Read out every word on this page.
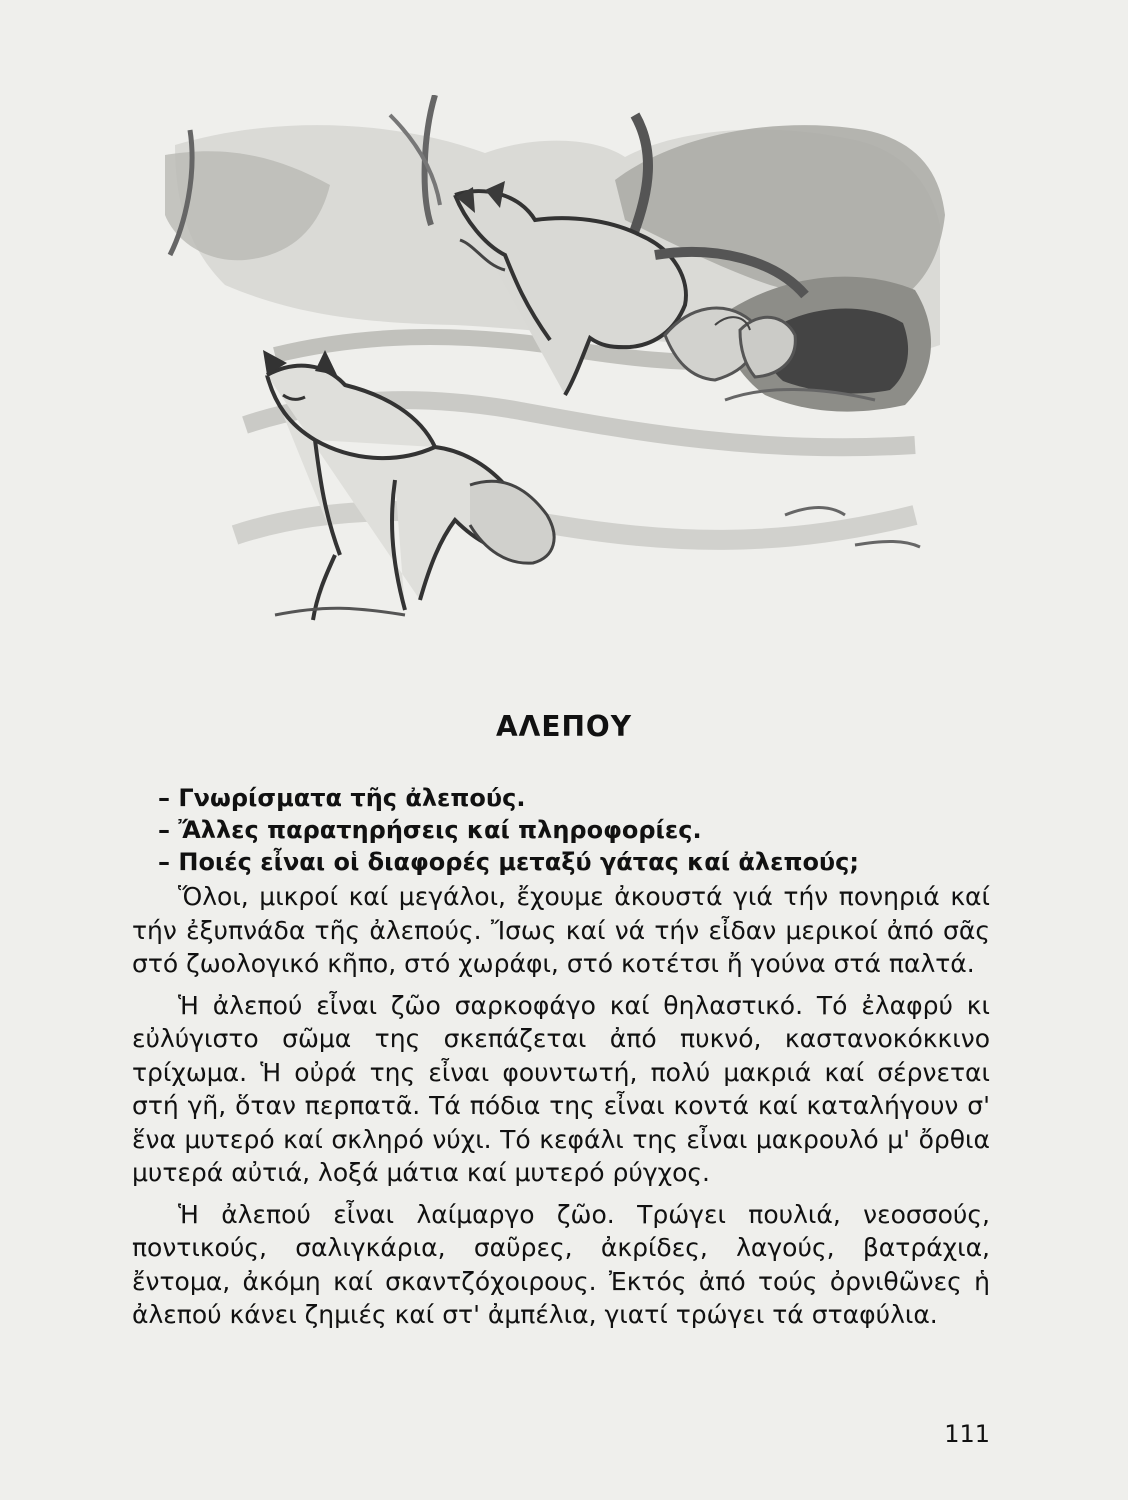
ΑΛΕΠΟΥ
– Γνωρίσματα τῆς ἀλεπούς.
– Ἄλλες παρατηρήσεις καί πληροφορίες.
– Ποιές εἶναι οἱ διαφορές μεταξύ γάτας καί ἀλεπούς;

Ὅλοι, μικροί καί μεγάλοι, ἔχουμε ἀκουστά γιά τήν πονηριά καί τήν ἐξυπνάδα τῆς ἀλεπούς. Ἴσως καί νά τήν εἶδαν μερικοί ἀπό σᾶς στό ζωολογικό κῆπο, στό χωράφι, στό κοτέτσι ἤ γούνα στά παλτά.

Ἡ ἀλεπού εἶναι ζῶο σαρκοφάγο καί θηλαστικό. Τό ἐλαφρύ κι εὐλύγιστο σῶμα της σκεπάζεται ἀπό πυκνό, καστανοκόκκινο τρίχωμα. Ἡ οὐρά της εἶναι φουντωτή, πολύ μακριά καί σέρνεται στή γῆ, ὅταν περπατᾶ. Τά πόδια της εἶναι κοντά καί καταλήγουν σ' ἕνα μυτερό καί σκληρό νύχι. Τό κεφάλι της εἶναι μακρουλό μ' ὄρθια μυτερά αὐτιά, λοξά μάτια καί μυτερό ρύγχος.

Ἡ ἀλεπού εἶναι λαίμαργο ζῶο. Τρώγει πουλιά, νεοσσούς, ποντικούς, σαλιγκάρια, σαῦρες, ἀκρίδες, λαγούς, βατράχια, ἔντομα, ἀκόμη καί σκαντζόχοιρους. Ἐκτός ἀπό τούς ὀρνιθῶνες ἡ ἀλεπού κάνει ζημιές καί στ' ἀμπέλια, γιατί τρώγει τά σταφύλια.

111
